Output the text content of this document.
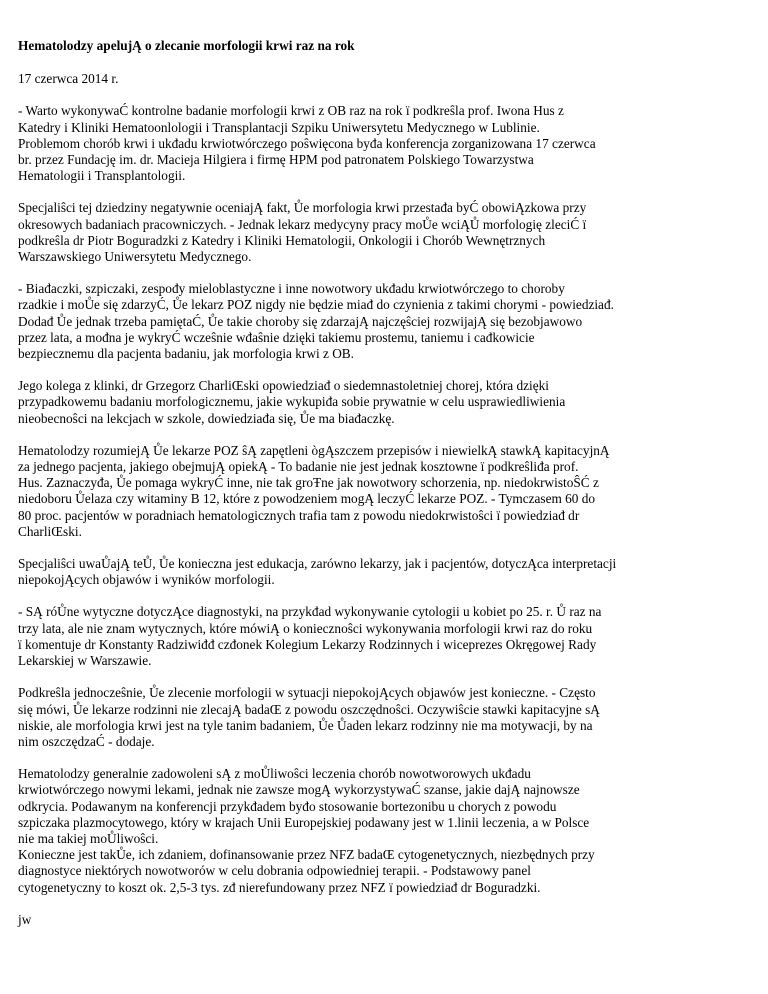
Hematolodzy apelujĄ o zlecanie morfologii krwi raz na rok
17 czerwca 2014 r.
- Warto wykonywaĆ kontrolne badanie morfologii krwi z OB raz na rok ï podkreŝla prof. Iwona Hus z
Katedry i Kliniki Hematoonlologii i Transplantacji Szpiku Uniwersytetu Medycznego w Lublinie.
Problemom chorób krwi i ukđadu krwiotwórczego poŝwięcona byđa konferencja zorganizowana 17 czerwca
br. przez Fundację im. dr. Macieja Hilgiera i firmę HPM pod patronatem Polskiego Towarzystwa
Hematologii i Transplantologii.
Specjaliŝci tej dziedziny negatywnie oceniajĄ fakt, Ůe morfologia krwi przestađa byĆ obowiĄzkowa przy
okresowych badaniach pracowniczych. - Jednak lekarz medycyny pracy moŮe wciĄŮ morfologię zleciĆ ï
podkreŝla dr Piotr Boguradzki z Katedry i Kliniki Hematologii, Onkologii i Chorób Wewnętrznych
Warszawskiego Uniwersytetu Medycznego.
- Biađaczki, szpiczaki, zespođy mieloblastyczne i inne nowotwory ukđadu krwiotwórczego to choroby
rzadkie i moŮe się zdarzyĆ, Ůe lekarz POZ nigdy nie będzie miađ do czynienia z takimi chorymi - powiedziađ.
Dodađ Ůe jednak trzeba pamiętaĆ, Ůe takie choroby się zdarzajĄ najczęŝciej rozwijajĄ się bezobjawowo
przez lata, a mođna je wykryĆ wczeŝnie wđaŝnie dzięki takiemu prostemu, taniemu i cađkowicie
bezpiecznemu dla pacjenta badaniu, jak morfologia krwi z OB.
Jego kolega z klinki, dr Grzegorz CharliŒski opowiedziađ o siedemnastoletniej chorej, która dzięki
przypadkowemu badaniu morfologicznemu, jakie wykupiđa sobie prywatnie w celu usprawiedliwienia
nieobecnoŝci na lekcjach w szkole, dowiedziađa się, Ůe ma biađaczkę.
Hematolodzy rozumiejĄ Ůe lekarze POZ ŝĄ zapętleni ògĄszczem przepisów i niewielkĄ stawkĄ kapitacyjnĄ
za jednego pacjenta, jakiego obejmujĄ opiekĄ - To badanie nie jest jednak kosztowne ï podkreŝliđa prof.
Hus. Zaznaczyđa, Ůe pomaga wykryĆ inne, nie tak groŦne jak nowotwory schorzenia, np. niedokrwistoŜĆ z
niedoboru Ůelaza czy witaminy B 12, które z powodzeniem mogĄ leczyĆ lekarze POZ. - Tymczasem 60 do
80 proc. pacjentów w poradniach hematologicznych trafia tam z powodu niedokrwistoŝci ï powiedziađ dr
CharliŒski.
Specjaliŝci uwaŮajĄ teŮ, Ůe konieczna jest edukacja, zarówno lekarzy, jak i pacjentów, dotyczĄca interpretacji
niepokojĄcych objawów i wyników morfologii.
- SĄ róŮne wytyczne dotyczĄce diagnostyki, na przykđad wykonywanie cytologii u kobiet po 25. r. Ů raz na
trzy lata, ale nie znam wytycznych, które mówiĄ o koniecznoŝci wykonywania morfologii krwi raz do roku
ï komentuje dr Konstanty Radziwiđđ czđonek Kolegium Lekarzy Rodzinnych i wiceprezes Okręgowej Rady
Lekarskiej w Warszawie.
Podkreŝla jednoczeŝnie, Ůe zlecenie morfologii w sytuacji niepokojĄcych objawów jest konieczne. - Często
się mówi, Ůe lekarze rodzinni nie zlecajĄ badaŒ z powodu oszczędnoŝci. Oczywiŝcie stawki kapitacyjne sĄ
niskie, ale morfologia krwi jest na tyle tanim badaniem, Ůe Ůaden lekarz rodzinny nie ma motywacji, by na
nim oszczędzaĆ - dodaje.
Hematolodzy generalnie zadowoleni sĄ z moŮliwoŝci leczenia chorób nowotworowych ukđadu
krwiotwórczego nowymi lekami, jednak nie zawsze mogĄ wykorzystywaĆ szanse, jakie dajĄ najnowsze
odkrycia. Podawanym na konferencji przykđadem byđo stosowanie bortezonibu u chorych z powodu
szpiczaka plazmocytowego, który w krajach Unii Europejskiej podawany jest w 1.linii leczenia, a w Polsce
nie ma takiej moŮliwoŝci.
Konieczne jest takŮe, ich zdaniem, dofinansowanie przez NFZ badaŒ cytogenetycznych, niezbędnych przy
diagnostyce niektórych nowotworów w celu dobrania odpowiedniej terapii. - Podstawowy panel
cytogenetyczny to koszt ok. 2,5-3 tys. zđ nierefundowany przez NFZ ï powiedziađ dr Boguradzki.
jw
